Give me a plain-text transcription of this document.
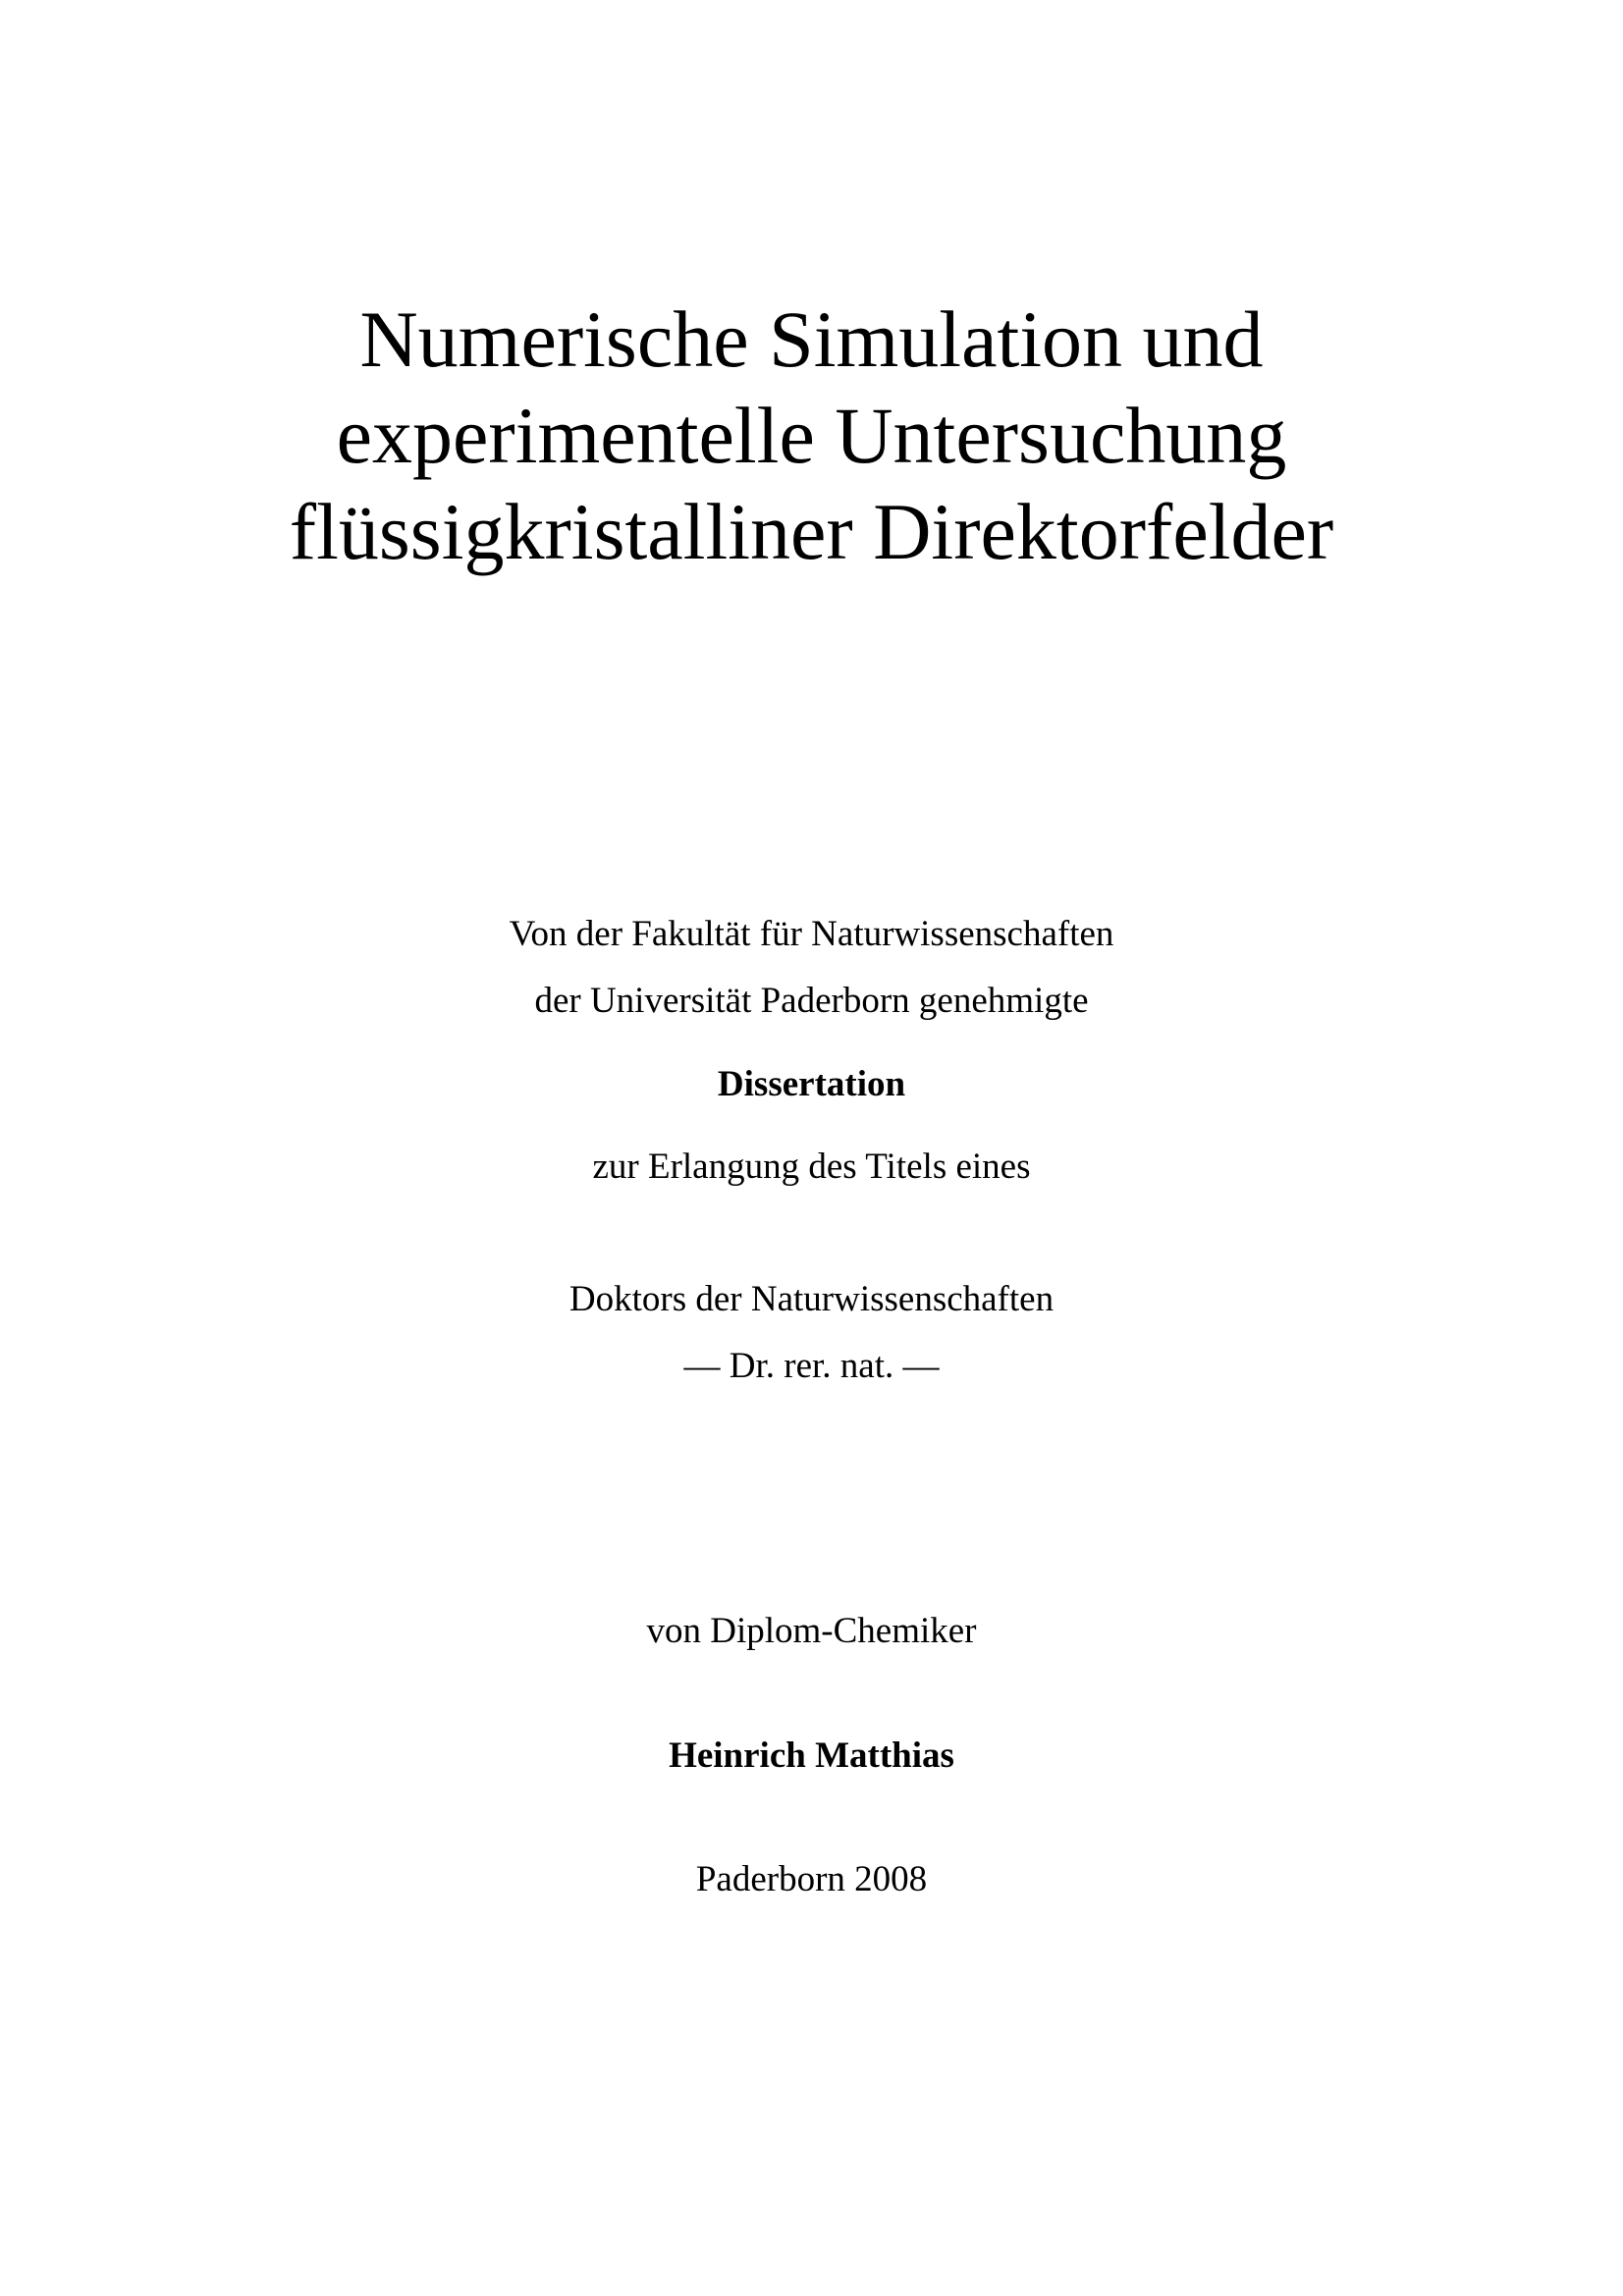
Numerische Simulation und
experimentelle Untersuchung
flüssigkristalliner Direktorfelder

Von der Fakultät für Naturwissenschaften

der Universität Paderborn genehmigte

Dissertation

zur Erlangung des Titels eines

Doktors der Naturwissenschaften

— Dr. rer. nat. —

von Diplom-Chemiker

Heinrich Matthias

Paderborn 2008
